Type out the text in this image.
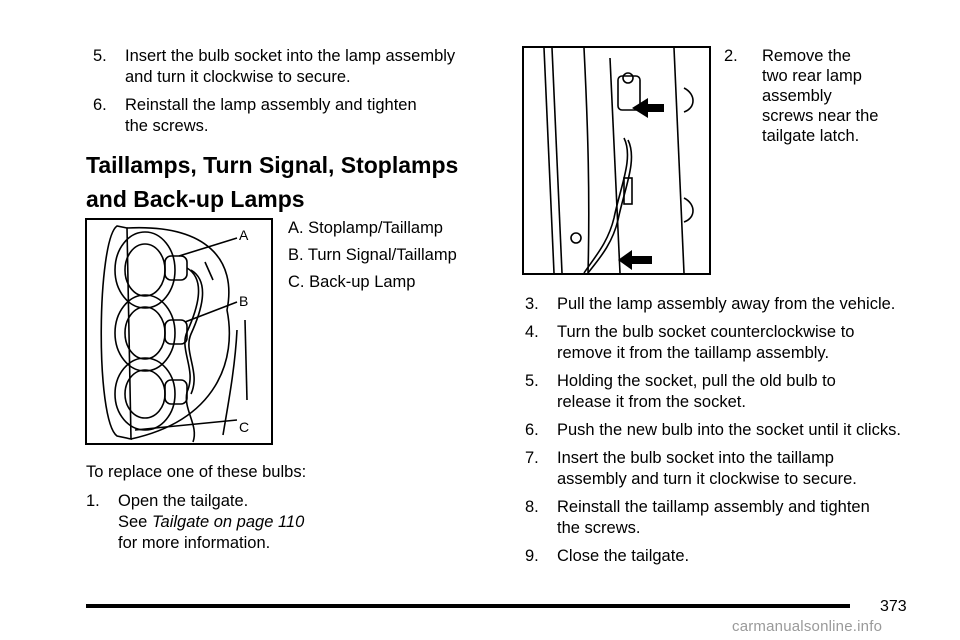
5. Insert the bulb socket into the lamp assembly
and turn it clockwise to secure.
6. Reinstall the lamp assembly and tighten
the screws.
Taillamps, Turn Signal, Stoplamps
and Back-up Lamps
A
B
C
A. Stoplamp/Taillamp
B. Turn Signal/Taillamp
C. Back-up Lamp
To replace one of these bulbs:
1. Open the tailgate.
See Tailgate on page 110
for more information.
2. Remove the
two rear lamp
assembly
screws near the
tailgate latch.
3. Pull the lamp assembly away from the vehicle.
4. Turn the bulb socket counterclockwise to
remove it from the taillamp assembly.
5. Holding the socket, pull the old bulb to
release it from the socket.
6. Push the new bulb into the socket until it clicks.
7. Insert the bulb socket into the taillamp
assembly and turn it clockwise to secure.
8. Reinstall the taillamp assembly and tighten
the screws.
9. Close the tailgate.
373
carmanualsonline.info
